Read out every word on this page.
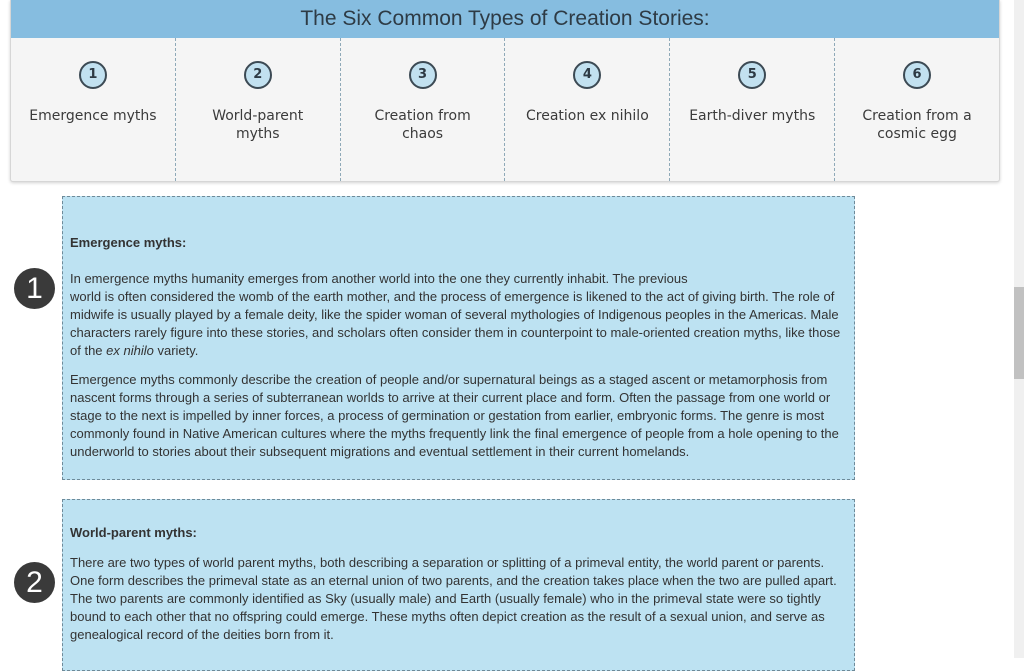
The Six Common Types of Creation Stories:
1
Emergence myths
2
World-parent myths
3
Creation from chaos
4
Creation ex nihilo
5
Earth-diver myths
6
Creation from a cosmic egg
1

Emergence myths:

In emergence myths humanity emerges from another world into the one they currently inhabit. The previous
world is often considered the womb of the earth mother, and the process of emergence is likened to the act of giving birth. The role of midwife is usually played by a female deity, like the spider woman of several mythologies of Indigenous peoples in the Americas. Male characters rarely figure into these stories, and scholars often consider them in counterpoint to male-oriented creation myths, like those of the ex nihilo variety.

Emergence myths commonly describe the creation of people and/or supernatural beings as a staged ascent or metamorphosis from nascent forms through a series of subterranean worlds to arrive at their current place and form. Often the passage from one world or stage to the next is impelled by inner forces, a process of germination or gestation from earlier, embryonic forms. The genre is most commonly found in Native American cultures where the myths frequently link the final emergence of people from a hole opening to the underworld to stories about their subsequent migrations and eventual settlement in their current homelands.

2

World-parent myths:

There are two types of world parent myths, both describing a separation or splitting of a primeval entity, the world parent or parents. One form describes the primeval state as an eternal union of two parents, and the creation takes place when the two are pulled apart. The two parents are commonly identified as Sky (usually male) and Earth (usually female) who in the primeval state were so tightly bound to each other that no offspring could emerge. These myths often depict creation as the result of a sexual union, and serve as genealogical record of the deities born from it.
